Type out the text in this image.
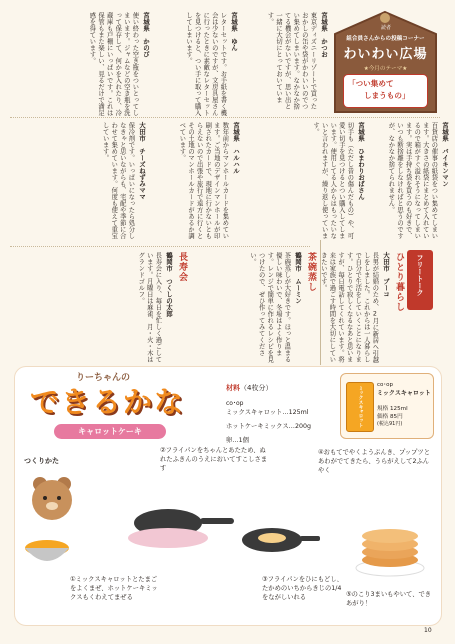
読者
組合員さんからの投稿コーナー
わいわい広場
★今月のテーマ★
「つい集めて
しまうもの」
宮城県　バイキンマン
百貨店の催事の紙袋をつい集めてしまいます。大きさの紙袋にまとめて入れているので箱がすぐ溢れそうになってしまいます。実は手持ち袋を買うのも好きで、いつも断捨離をしなければと思うのですが、なかなか捨てられません。
宮城県　ひまわりおばさん
切手も（ただし昔の傷んだもの）や、可愛い切手を見つけるとつい購入してしまいます。使用してる人からはもったいないと言われますが、繰り返し使っています。
宮城県　かつお
東京ディズニーリゾートで買ったおかしの缶や袋がかわいいのでつい集めてしまいます。なかなか捨てる機会がないですが、思い出と一緒に大切にとっておいています。
宮城県　ゆん
レターセットです。お手紙を書く機会は少ないのですが、文房具屋さんに行ったときに素敵なレターセットを見つけると、つい手に取って購入してしまいます。
宮城県　かのび
使い終わった空き瓶をついとってしまいます。ジャムなどの空き瓶を洗って保存して、何かを入れたり、冷蔵庫も戸棚にいっぱいです。これは保管もまた楽しい、見るだけで満足感を得ています。
宮城県　ハルハル
数年前からマンホールカードを集めています。ご当地のデザインマンホールが印刷されたカードで、現地に行かないともらえないので出張や旅行で遠方に行くとその土地のマンホールカードがあるか調べています。
大田市　チーズねずみママ
保冷剤です。いっぱいになったら処分しなきゃと思いながらも、宅配や季節に合わせて集めています。何度も使えて重宝しています。
フリートーク
ひとり暮らし
大田市　ブーコ
長男が結婚のため、2月に新居へ引越しをしました。これからは一人暮らしで自分で生活をしていくことになります。ひとりで寂しくなるなあと思いますが、毎日電話してくれています。将来は家族で過ごす時間を大切にしていきたいです。
茶碗蒸し
鶴岡市　ムーミン
茶碗蒸しが大好きです。ほっと温まる優しい味わいで、冬場はよく作ります。レンジで簡単に作れるレシピを見つけたので、ぜひ作ってみてください。
長寿会
鶴岡市　つくしの太郎
長寿会に入り、毎日を忙しく過ごしています。月曜日は麻雀、月・火・木はグランドゴルフ。
りーちゃんの
できるかな
キャロットケーキ
材料（4枚分）
co･op
ミックスキャロット…125ml
ホットケーキミックス…200g
卵…1個
ミックスキャロット
co･op
ミックスキャロット
規格 125ml
価格 85円
(税込91円)
つくりかた
①ミックスキャロットとたまごをよくまぜ、ホットケーキミックスもくわえてまぜる
②フライパンをちゃんとあたため、ぬれたふきんのうえにおいてすこしさます
③フライパンをひにもどし、たかめのいちからきじの1/4をながしいれる
④おもてでやくようぶんき、プップツとあわがでてきたら、うらがえして2ふんやく
⑤のこり3まいもやいて、できあがり！
10
